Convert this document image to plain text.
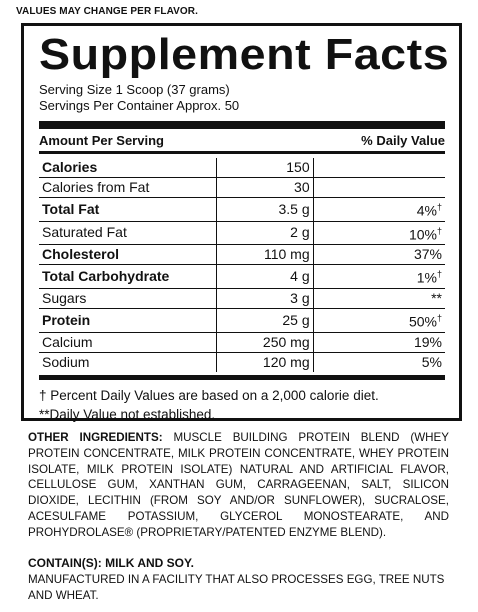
VALUES MAY CHANGE PER FLAVOR.
Supplement Facts
Serving Size 1 Scoop (37 grams)
Servings Per Container Approx. 50
Amount Per Serving	% Daily Value
Calories	150	
Calories from Fat	30	
Total Fat	3.5 g	4%†
Saturated Fat	2 g	10%†
Cholesterol	110 mg	37%
Total Carbohydrate	4 g	1%†
Sugars	3 g	**
Protein	25 g	50%†
Calcium	250 mg	19%
Sodium	120 mg	5%
† Percent Daily Values are based on a 2,000 calorie diet.
**Daily Value not established.
OTHER INGREDIENTS: MUSCLE BUILDING PROTEIN BLEND (WHEY PROTEIN CONCENTRATE, MILK PROTEIN CONCENTRATE, WHEY PROTEIN ISOLATE, MILK PROTEIN ISOLATE) NATURAL AND ARTIFICIAL FLAVOR, CELLULOSE GUM, XANTHAN GUM, CARRAGEENAN, SALT, SILICON DIOXIDE, LECITHIN (FROM SOY AND/OR SUNFLOWER), SUCRALOSE, ACESULFAME POTASSIUM, GLYCEROL MONOSTEARATE, AND PROHYDROLASE® (PROPRIETARY/PATENTED ENZYME BLEND).
CONTAIN(S): MILK AND SOY.
MANUFACTURED IN A FACILITY THAT ALSO PROCESSES EGG, TREE NUTS AND WHEAT.
